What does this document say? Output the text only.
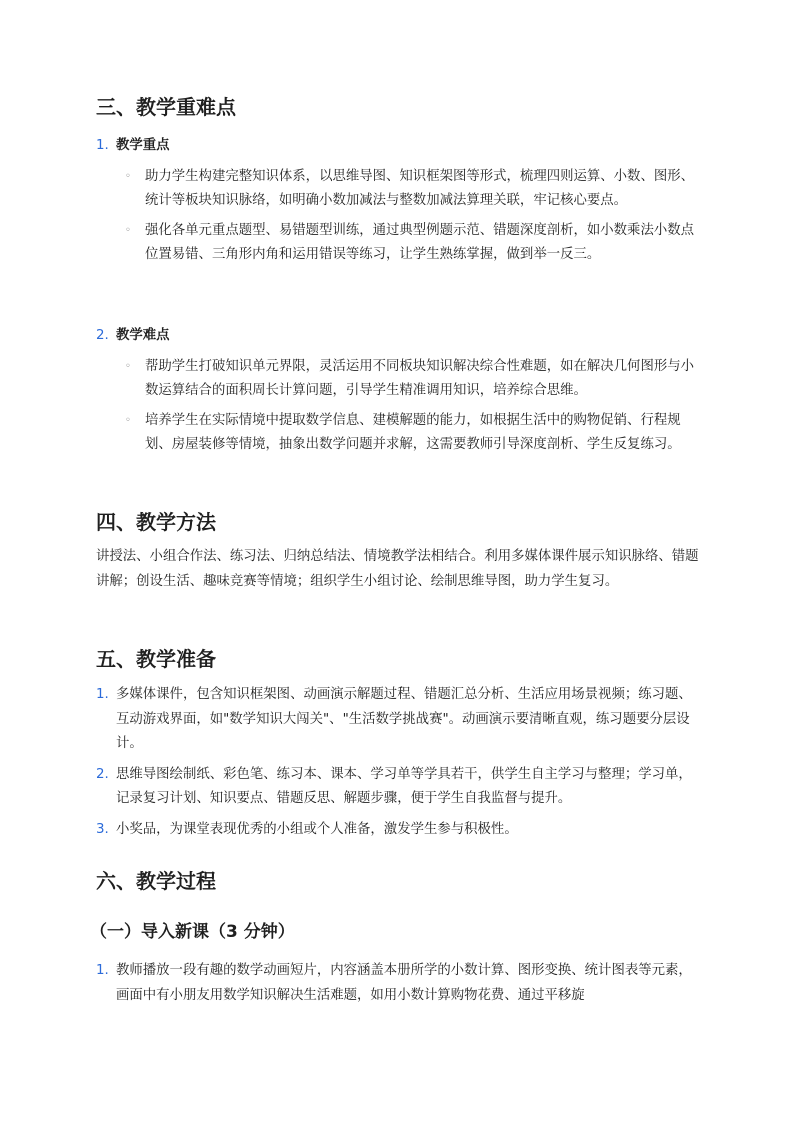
三、教学重难点
1. 教学重点
◦ 助力学生构建完整知识体系，以思维导图、知识框架图等形式，梳理四则运算、小数、图形、统计等板块知识脉络，如明确小数加减法与整数加减法算理关联，牢记核心要点。
◦ 强化各单元重点题型、易错题型训练，通过典型例题示范、错题深度剖析，如小数乘法小数点位置易错、三角形内角和运用错误等练习，让学生熟练掌握，做到举一反三。
2. 教学难点
◦ 帮助学生打破知识单元界限，灵活运用不同板块知识解决综合性难题，如在解决几何图形与小数运算结合的面积周长计算问题，引导学生精准调用知识，培养综合思维。
◦ 培养学生在实际情境中提取数学信息、建模解题的能力，如根据生活中的购物促销、行程规划、房屋装修等情境，抽象出数学问题并求解，这需要教师引导深度剖析、学生反复练习。
四、教学方法

讲授法、小组合作法、练习法、归纳总结法、情境教学法相结合。利用多媒体课件展示知识脉络、错题讲解；创设生活、趣味竞赛等情境；组织学生小组讨论、绘制思维导图，助力学生复习。

五、教学准备
1. 多媒体课件，包含知识框架图、动画演示解题过程、错题汇总分析、生活应用场景视频；练习题、互动游戏界面，如"数学知识大闯关"、"生活数学挑战赛"。动画演示要清晰直观，练习题要分层设计。
2. 思维导图绘制纸、彩色笔、练习本、课本、学习单等学具若干，供学生自主学习与整理；学习单，记录复习计划、知识要点、错题反思、解题步骤，便于学生自我监督与提升。
3. 小奖品，为课堂表现优秀的小组或个人准备，激发学生参与积极性。
六、教学过程
（一）导入新课（3 分钟）
1. 教师播放一段有趣的数学动画短片，内容涵盖本册所学的小数计算、图形变换、统计图表等元素，画面中有小朋友用数学知识解决生活难题，如用小数计算购物花费、通过平移旋
